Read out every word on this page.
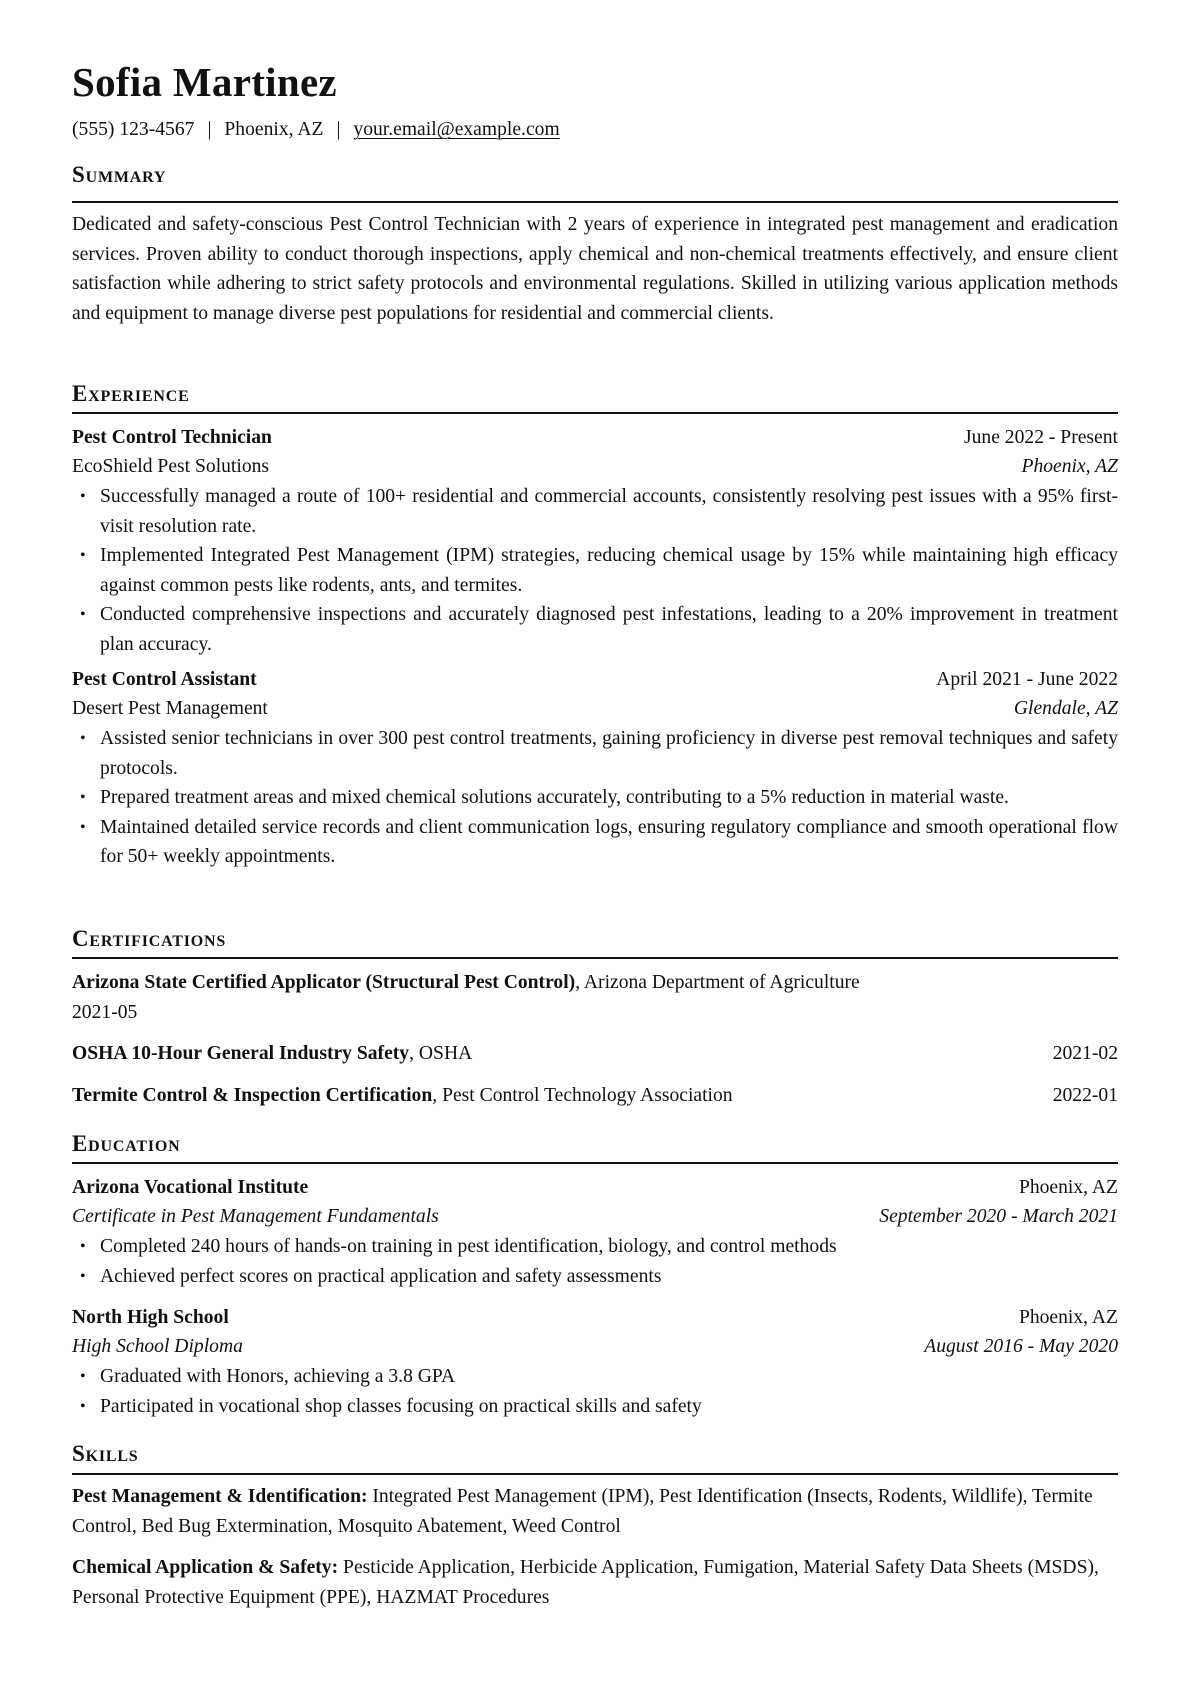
Sofia Martinez
(555) 123-4567 | Phoenix, AZ | your.email@example.com
Summary
Dedicated and safety-conscious Pest Control Technician with 2 years of experience in integrated pest management and eradication services. Proven ability to conduct thorough inspections, apply chemical and non-chemical treatments effectively, and ensure client satisfaction while adhering to strict safety protocols and environmental regulations. Skilled in utilizing various application methods and equipment to manage diverse pest populations for residential and commercial clients.
Experience
Pest Control Technician	June 2022 - Present
EcoShield Pest Solutions	Phoenix, AZ
• Successfully managed a route of 100+ residential and commercial accounts, consistently resolving pest issues with a 95% first-visit resolution rate.
• Implemented Integrated Pest Management (IPM) strategies, reducing chemical usage by 15% while maintaining high efficacy against common pests like rodents, ants, and termites.
• Conducted comprehensive inspections and accurately diagnosed pest infestations, leading to a 20% improvement in treatment plan accuracy.
Pest Control Assistant	April 2021 - June 2022
Desert Pest Management	Glendale, AZ
• Assisted senior technicians in over 300 pest control treatments, gaining proficiency in diverse pest removal techniques and safety protocols.
• Prepared treatment areas and mixed chemical solutions accurately, contributing to a 5% reduction in material waste.
• Maintained detailed service records and client communication logs, ensuring regulatory compliance and smooth operational flow for 50+ weekly appointments.
Certifications
Arizona State Certified Applicator (Structural Pest Control), Arizona Department of Agriculture
2021-05
OSHA 10-Hour General Industry Safety, OSHA	2021-02
Termite Control & Inspection Certification, Pest Control Technology Association	2022-01
Education
Arizona Vocational Institute	Phoenix, AZ
Certificate in Pest Management Fundamentals	September 2020 - March 2021
• Completed 240 hours of hands-on training in pest identification, biology, and control methods
• Achieved perfect scores on practical application and safety assessments
North High School	Phoenix, AZ
High School Diploma	August 2016 - May 2020
• Graduated with Honors, achieving a 3.8 GPA
• Participated in vocational shop classes focusing on practical skills and safety
Skills
Pest Management & Identification: Integrated Pest Management (IPM), Pest Identification (Insects, Rodents, Wildlife), Termite Control, Bed Bug Extermination, Mosquito Abatement, Weed Control
Chemical Application & Safety: Pesticide Application, Herbicide Application, Fumigation, Material Safety Data Sheets (MSDS), Personal Protective Equipment (PPE), HAZMAT Procedures
